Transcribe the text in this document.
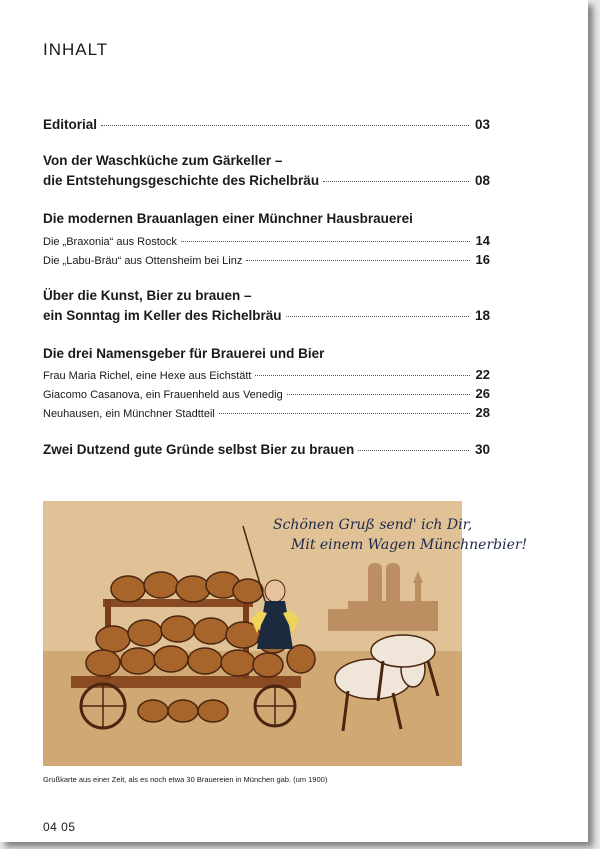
INHALT
Editorial	03
Von der Waschküche zum Gärkeller –
die Entstehungsgeschichte des Richelbräu	08
Die modernen Brauanlagen einer Münchner Hausbrauerei
Die „Braxonia“ aus Rostock	14
Die „Labu-Bräu“ aus Ottensheim bei Linz	16
Über die Kunst, Bier zu brauen –
ein Sonntag im Keller des Richelbräu	18
Die drei Namensgeber für Brauerei und Bier
Frau Maria Richel, eine Hexe aus Eichstätt	22
Giacomo Casanova, ein Frauenheld aus Venedig	26
Neuhausen, ein Münchner Stadtteil	28
Zwei Dutzend gute Gründe selbst Bier zu brauen	30
Schönen Gruß send' ich Dir,
Mit einem Wagen Münchnerbier!
Grußkarte aus einer Zeit, als es noch etwa 30 Brauereien in München gab. (um 1900)
04 05
